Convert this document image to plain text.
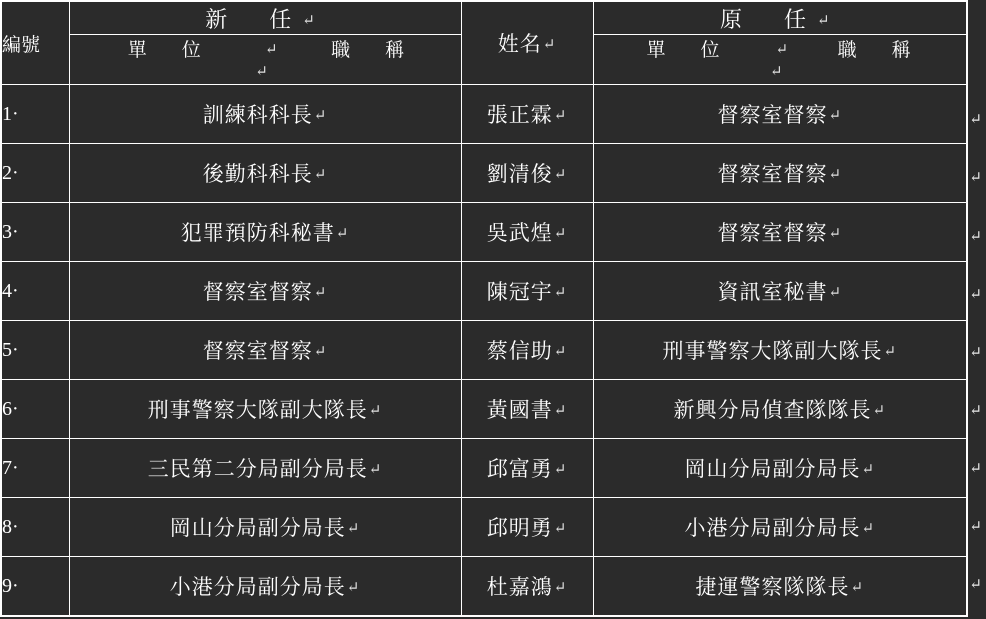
編號	新　任↵	姓名↵	原　任↵
	單　位 ↵ 職　稱↵		單　位 ↵ 職　稱↵
1·	訓練科科長↵	張正霖↵	督察室督察↵
2·	後勤科科長↵	劉清俊↵	督察室督察↵
3·	犯罪預防科秘書↵	吳武煌↵	督察室督察↵
4·	督察室督察↵	陳冠宇↵	資訊室秘書↵
5·	督察室督察↵	蔡信助↵	刑事警察大隊副大隊長↵
6·	刑事警察大隊副大隊長↵	黃國書↵	新興分局偵查隊隊長↵
7·	三民第二分局副分局長↵	邱富勇↵	岡山分局副分局長↵
8·	岡山分局副分局長↵	邱明勇↵	小港分局副分局長↵
9·	小港分局副分局長↵	杜嘉鴻↵	捷運警察隊隊長↵
↵
↵
↵
↵
↵
↵
↵
↵
↵
